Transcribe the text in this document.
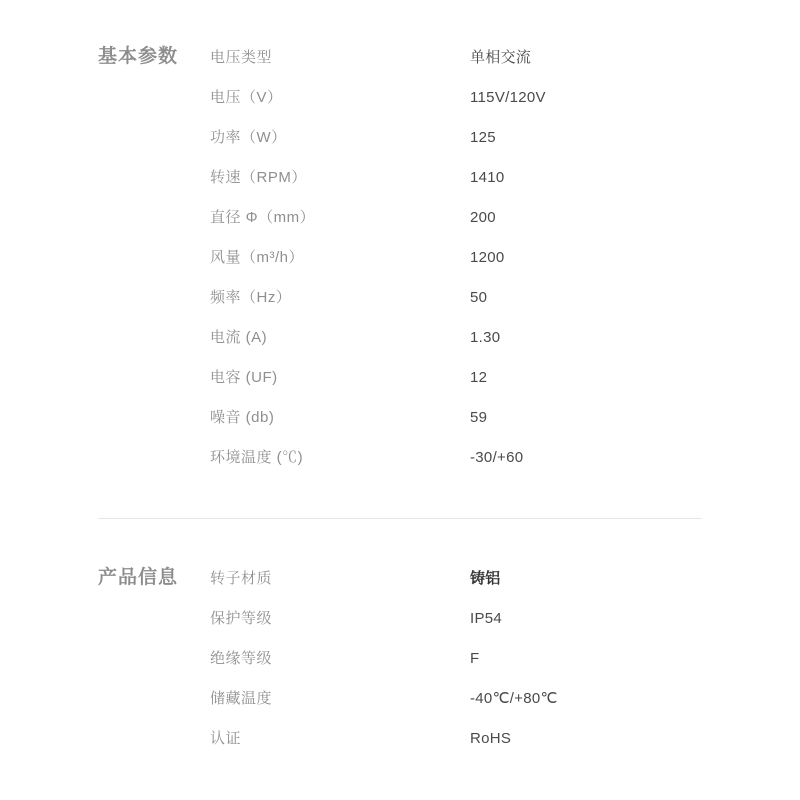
基本参数	电压类型	单相交流
电压（V）	115V/120V
功率（W）	125
转速（RPM）	1410
直径 Φ（mm）	200
风量（m³/h）	1200
频率（Hz）	50
电流 (A)	1.30
电容 (UF)	12
噪音 (db)	59
环境温度 (℃)	-30/+60
产品信息	转子材质	铸铝
保护等级	IP54
绝缘等级	F
储藏温度	-40℃/+80℃
认证	RoHS
